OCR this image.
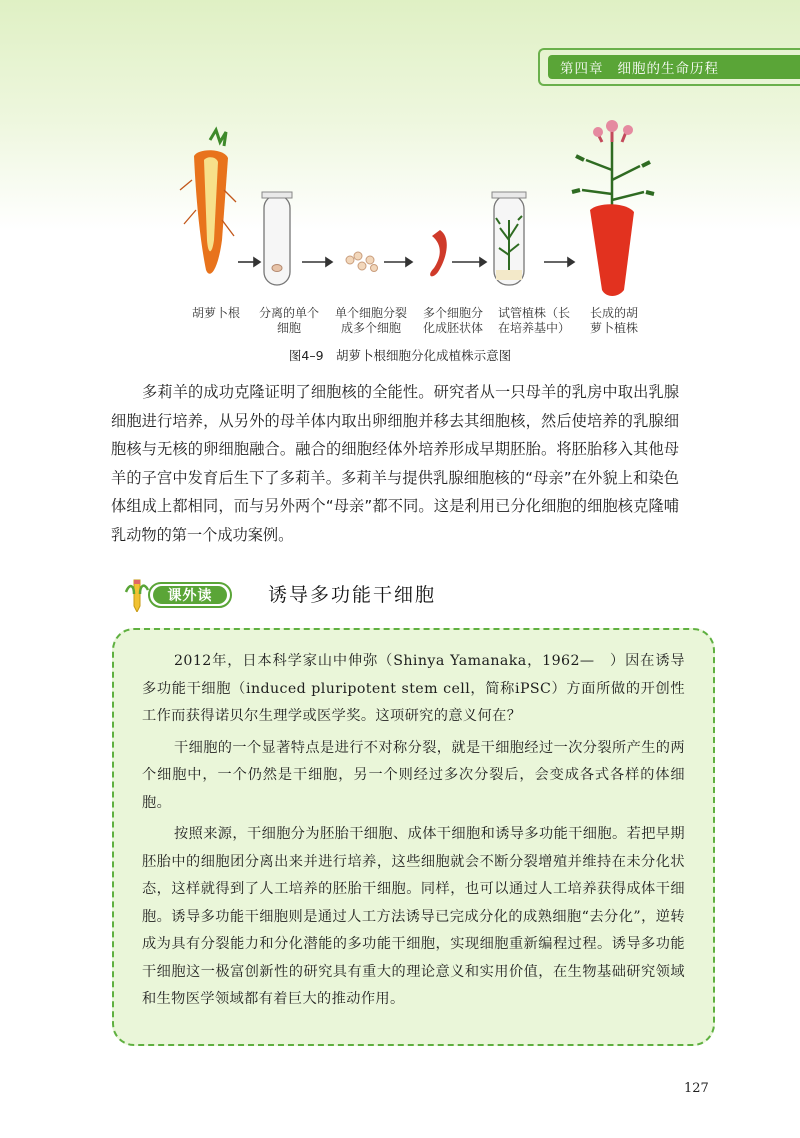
第四章 细胞的生命历程
胡萝卜根	分离的单个
细胞
单个细胞分裂
成多个细胞
多个细胞分
化成胚状体
试管植株（长
在培养基中）
长成的胡
萝卜植株
图4–9　胡萝卜根细胞分化成植株示意图

多莉羊的成功克隆证明了细胞核的全能性。研究者从一只母羊的乳房中取出乳腺细胞进行培养，从另外的母羊体内取出卵细胞并移去其细胞核，然后使培养的乳腺细胞核与无核的卵细胞融合。融合的细胞经体外培养形成早期胚胎。将胚胎移入其他母羊的子宫中发育后生下了多莉羊。多莉羊与提供乳腺细胞核的“母亲”在外貌上和染色体组成上都相同，而与另外两个“母亲”都不同。这是利用已分化细胞的细胞核克隆哺乳动物的第一个成功案例。

课外读	诱导多功能干细胞

2012年，日本科学家山中伸弥（Shinya Yamanaka，1962—　）因在诱导多功能干细胞（induced pluripotent stem cell，简称iPSC）方面所做的开创性工作而获得诺贝尔生理学或医学奖。这项研究的意义何在？

干细胞的一个显著特点是进行不对称分裂，就是干细胞经过一次分裂所产生的两个细胞中，一个仍然是干细胞，另一个则经过多次分裂后，会变成各式各样的体细胞。

按照来源，干细胞分为胚胎干细胞、成体干细胞和诱导多功能干细胞。若把早期胚胎中的细胞团分离出来并进行培养，这些细胞就会不断分裂增殖并维持在未分化状态，这样就得到了人工培养的胚胎干细胞。同样，也可以通过人工培养获得成体干细胞。诱导多功能干细胞则是通过人工方法诱导已完成分化的成熟细胞“去分化”，逆转成为具有分裂能力和分化潜能的多功能干细胞，实现细胞重新编程过程。诱导多功能干细胞这一极富创新性的研究具有重大的理论意义和实用价值，在生物基础研究领域和生物医学领域都有着巨大的推动作用。

127
